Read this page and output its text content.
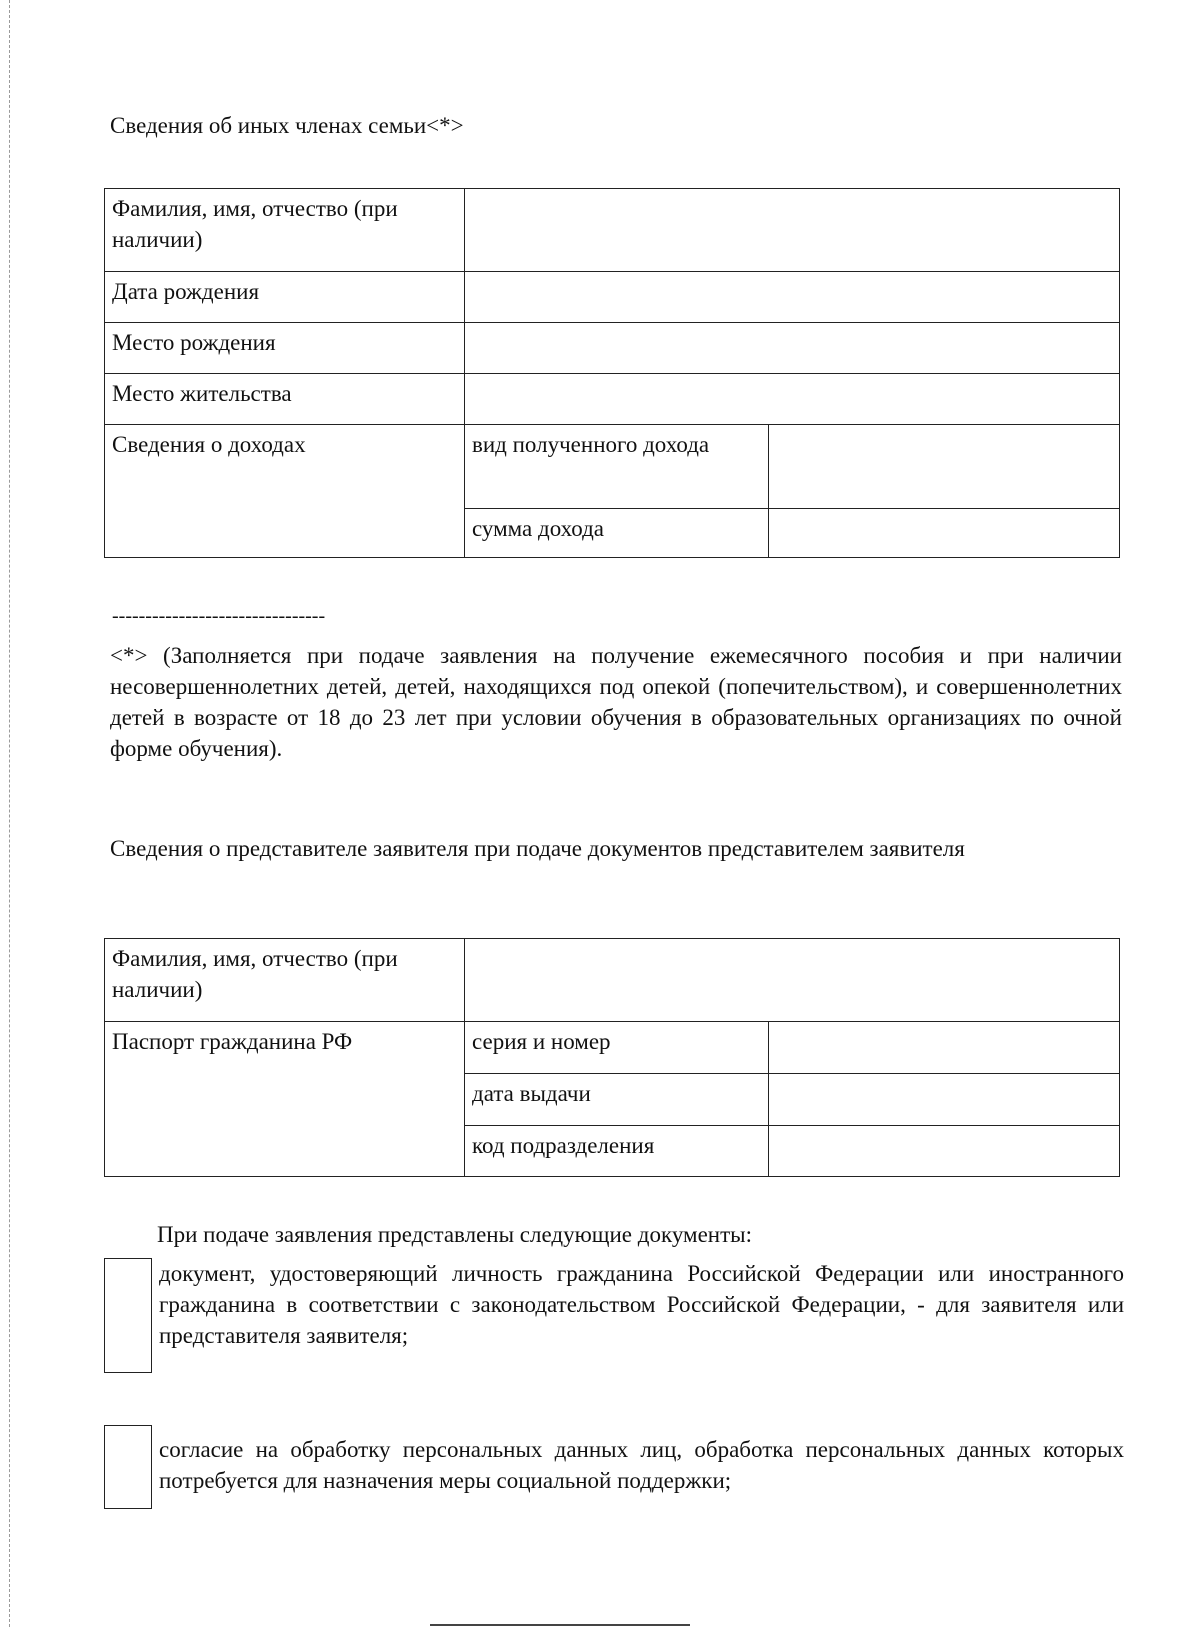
Сведения об иных членах семьи<*>
Фамилия, имя, отчество (при наличии)		
Дата рождения		
Место рождения		
Место жительства		
Сведения о доходах	вид полученного дохода	
	сумма дохода	
--------------------------------
<*> (Заполняется при подаче заявления на получение ежемесячного пособия и при наличии несовершеннолетних детей, детей, находящихся под опекой (попечительством), и совершеннолетних детей в возрасте от 18 до 23 лет при условии обучения в образовательных организациях по очной форме обучения).
Сведения о представителе заявителя при подаче документов представителем заявителя
Фамилия, имя, отчество (при наличии)		
Паспорт гражданина РФ	серия и номер	
	дата выдачи	
	код подразделения	
При подаче заявления представлены следующие документы:
документ, удостоверяющий личность гражданина Российской Федерации или иностранного гражданина в соответствии с законодательством Российской Федерации, - для заявителя или представителя заявителя;
согласие на обработку персональных данных лиц, обработка персональных данных которых потребуется для назначения меры социальной поддержки;
